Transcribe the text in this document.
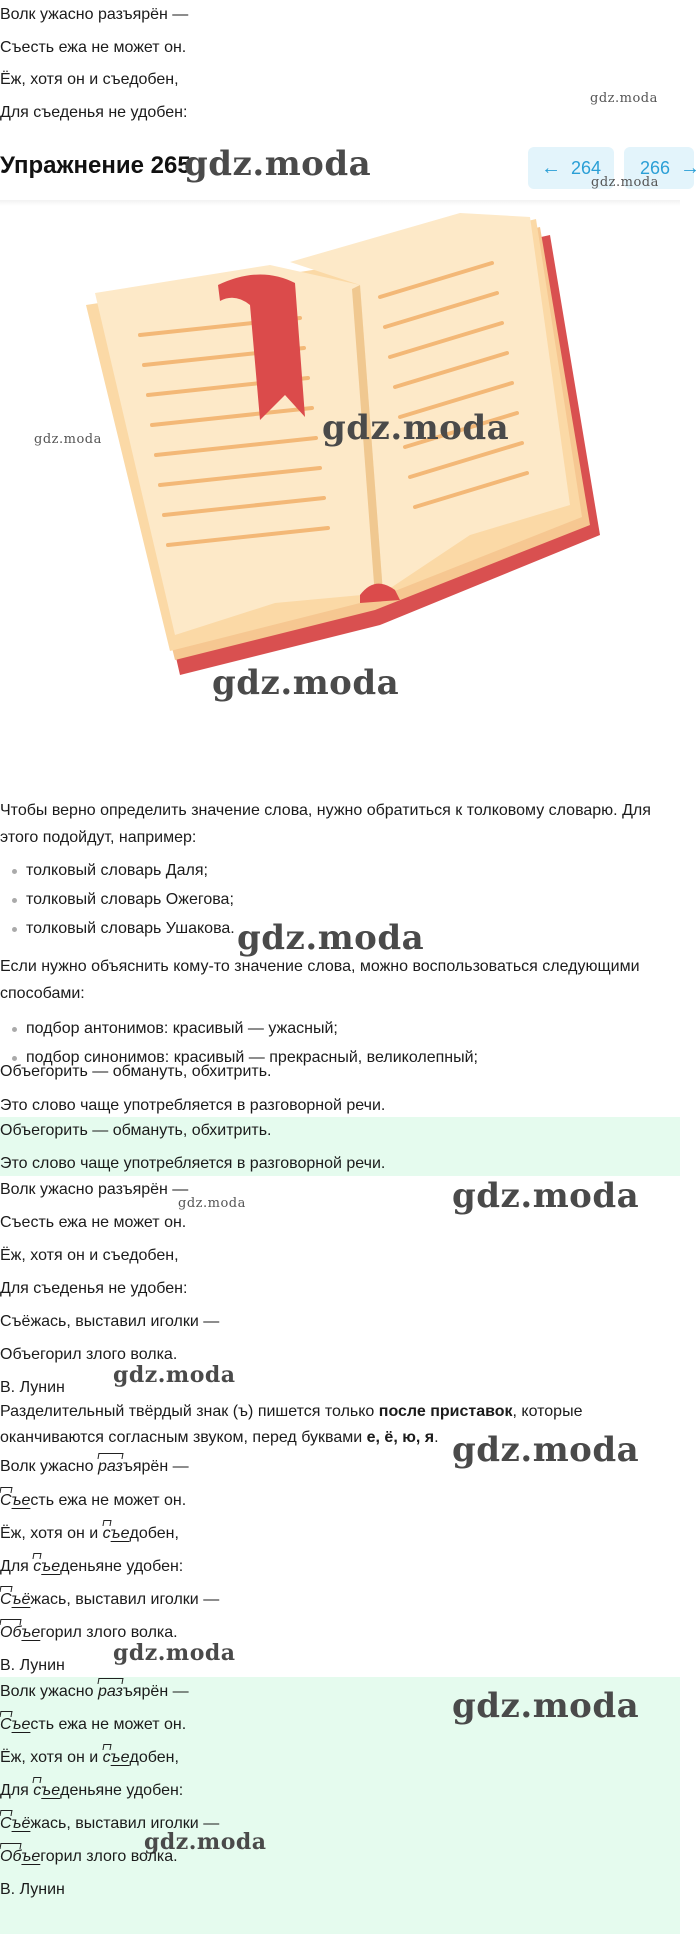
Волк ужасно разъярён —
Съесть ежа не может он.
Ёж, хотя он и съедобен,
Для съеденья не удобен:
gdz.moda
Упражнение 265
gdz.moda	← 264 266 →
gdz.moda
gdz.moda	gdz.moda
gdz.moda
Чтобы верно определить значение слова, нужно обратиться к толковому словарю. Для этого подойдут, например:
толковый словарь Даля;
толковый словарь Ожегова;
толковый словарь Ушакова. gdz.moda
Если нужно объяснить кому-то значение слова, можно воспользоваться следующими способами:
подбор антонимов: красивый — ужасный;
подбор синонимов: красивый — прекрасный, великолепный;
Объегорить — обмануть, обхитрить.
Это слово чаще употребляется в разговорной речи.
Объегорить — обмануть, обхитрить.
Это слово чаще употребляется в разговорной речи.
Волк ужасно разъярён —
gdz.moda	gdz.moda
Съесть ежа не может он.
Ёж, хотя он и съедобен,
Для съеденья не удобен:
Съёжась, выставил иголки —
Объегорил злого волка.
В. Лунин gdz.moda
Разделительный твёрдый знак (ъ) пишется только после приставок, которые оканчиваются согласным звуком, перед буквами е, ё, ю, я. gdz.moda
Волк ужасно разъярён —
Съесть ежа не может он.
Ёж, хотя он и съедобен,
Для съеденьяне удобен:
Съёжась, выставил иголки —
Объегорил злого волка.
В. Лунин gdz.moda
gdz.moda
Волк ужасно разъярён —
Съесть ежа не может он.
Ёж, хотя он и съедобен,
Для съеденьяне удобен:
Съёжась, выставил иголки —
gdz.moda
Объегорил злого волка.
В. Лунин
